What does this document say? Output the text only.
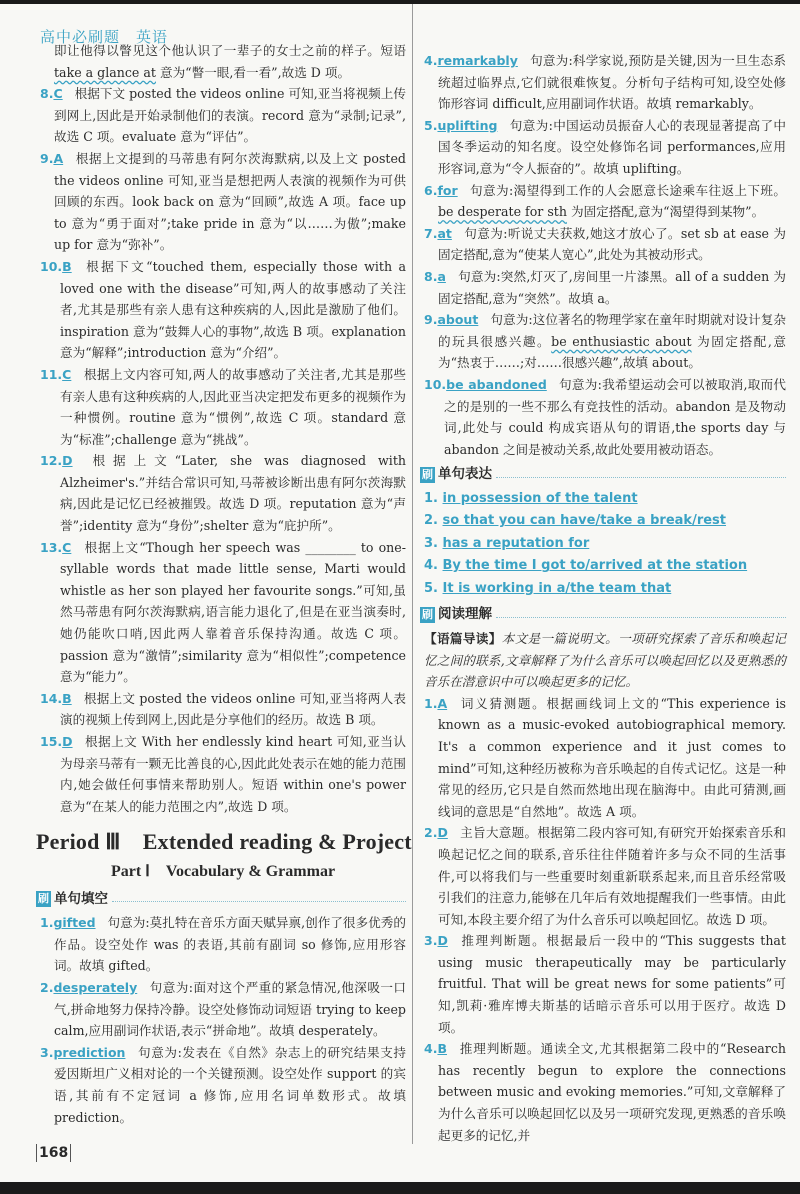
高中必刷题　英语

即让他得以瞥见这个他认识了一辈子的女士之前的样子。短语 take a glance at 意为“瞥一眼,看一看”,故选 D 项。

8.C 根据下文 posted the videos online 可知,亚当将视频上传到网上,因此是开始录制他们的表演。record 意为“录制;记录”,故选 C 项。evaluate 意为“评估”。

9.A 根据上文提到的马蒂患有阿尔茨海默病,以及上文 posted the videos online 可知,亚当是想把两人表演的视频作为可供回顾的东西。look back on 意为“回顾”,故选 A 项。face up to 意为“勇于面对”;take pride in 意为“以……为傲”;make up for 意为“弥补”。

10.B 根据下文“touched them, especially those with a loved one with the disease”可知,两人的故事感动了关注者,尤其是那些有亲人患有这种疾病的人,因此是激励了他们。inspiration 意为“鼓舞人心的事物”,故选 B 项。explanation 意为“解释”;introduction 意为“介绍”。

11.C 根据上文内容可知,两人的故事感动了关注者,尤其是那些有亲人患有这种疾病的人,因此亚当决定把发布更多的视频作为一种惯例。routine 意为“惯例”,故选 C 项。standard 意为“标准”;challenge 意为“挑战”。

12.D 根据上文“Later, she was diagnosed with Alzheimer's.”并结合常识可知,马蒂被诊断出患有阿尔茨海默病,因此是记忆已经被摧毁。故选 D 项。reputation 意为“声誉”;identity 意为“身份”;shelter 意为“庇护所”。

13.C 根据上文“Though her speech was ________ to one-syllable words that made little sense, Marti would whistle as her son played her favourite songs.”可知,虽然马蒂患有阿尔茨海默病,语言能力退化了,但是在亚当演奏时,她仍能吹口哨,因此两人靠着音乐保持沟通。故选 C 项。passion 意为“激情”;similarity 意为“相似性”;competence 意为“能力”。

14.B 根据上文 posted the videos online 可知,亚当将两人表演的视频上传到网上,因此是分享他们的经历。故选 B 项。

15.D 根据上文 With her endlessly kind heart 可知,亚当认为母亲马蒂有一颗无比善良的心,因此此处表示在她的能力范围内,她会做任何事情来帮助别人。短语 within one's power 意为“在某人的能力范围之内”,故选 D 项。

Period Ⅲ　Extended reading & Project
Part Ⅰ　Vocabulary & Grammar
刷 单句填空

1.gifted 句意为:莫扎特在音乐方面天赋异禀,创作了很多优秀的作品。设空处作 was 的表语,其前有副词 so 修饰,应用形容词。故填 gifted。

2.desperately 句意为:面对这个严重的紧急情况,他深吸一口气,拼命地努力保持冷静。设空处修饰动词短语 trying to keep calm,应用副词作状语,表示“拼命地”。故填 desperately。

3.prediction 句意为:发表在《自然》杂志上的研究结果支持爱因斯坦广义相对论的一个关键预测。设空处作 support 的宾语,其前有不定冠词 a 修饰,应用名词单数形式。故填 prediction。

4.remarkably 句意为:科学家说,预防是关键,因为一旦生态系统超过临界点,它们就很难恢复。分析句子结构可知,设空处修饰形容词 difficult,应用副词作状语。故填 remarkably。

5.uplifting 句意为:中国运动员振奋人心的表现显著提高了中国冬季运动的知名度。设空处修饰名词 performances,应用形容词,意为“令人振奋的”。故填 uplifting。

6.for 句意为:渴望得到工作的人会愿意长途乘车往返上下班。be desperate for sth 为固定搭配,意为“渴望得到某物”。

7.at 句意为:听说丈夫获救,她这才放心了。set sb at ease 为固定搭配,意为“使某人宽心”,此处为其被动形式。

8.a 句意为:突然,灯灭了,房间里一片漆黑。all of a sudden 为固定搭配,意为“突然”。故填 a。

9.about 句意为:这位著名的物理学家在童年时期就对设计复杂的玩具很感兴趣。be enthusiastic about 为固定搭配,意为“热衷于……;对……很感兴趣”,故填 about。

10.be abandoned 句意为:我希望运动会可以被取消,取而代之的是别的一些不那么有竞技性的活动。abandon 是及物动词,此处与 could 构成宾语从句的谓语,the sports day 与 abandon 之间是被动关系,故此处要用被动语态。

刷 单句表达
1. in possession of the talent
2. so that you can have/take a break/rest
3. has a reputation for
4. By the time I got to/arrived at the station
5. It is working in a/the team that
刷 阅读理解

【语篇导读】本文是一篇说明文。一项研究探索了音乐和唤起记忆之间的联系,文章解释了为什么音乐可以唤起回忆以及更熟悉的音乐在潜意识中可以唤起更多的记忆。

1.A 词义猜测题。根据画线词上文的“This experience is known as a music-evoked autobiographical memory. It's a common experience and it just comes to mind”可知,这种经历被称为音乐唤起的自传式记忆。这是一种常见的经历,它只是自然而然地出现在脑海中。由此可猜测,画线词的意思是“自然地”。故选 A 项。

2.D 主旨大意题。根据第二段内容可知,有研究开始探索音乐和唤起记忆之间的联系,音乐往往伴随着许多与众不同的生活事件,可以将我们与一些重要时刻重新联系起来,而且音乐经常吸引我们的注意力,能够在几年后有效地提醒我们一些事情。由此可知,本段主要介绍了为什么音乐可以唤起回忆。故选 D 项。

3.D 推理判断题。根据最后一段中的“This suggests that using music therapeutically may be particularly fruitful. That will be great news for some patients”可知,凯莉·雅库博夫斯基的话暗示音乐可以用于医疗。故选 D 项。

4.B 推理判断题。通读全文,尤其根据第二段中的“Research has recently begun to explore the connections between music and evoking memories.”可知,文章解释了为什么音乐可以唤起回忆以及另一项研究发现,更熟悉的音乐唤起更多的记忆,并

168
